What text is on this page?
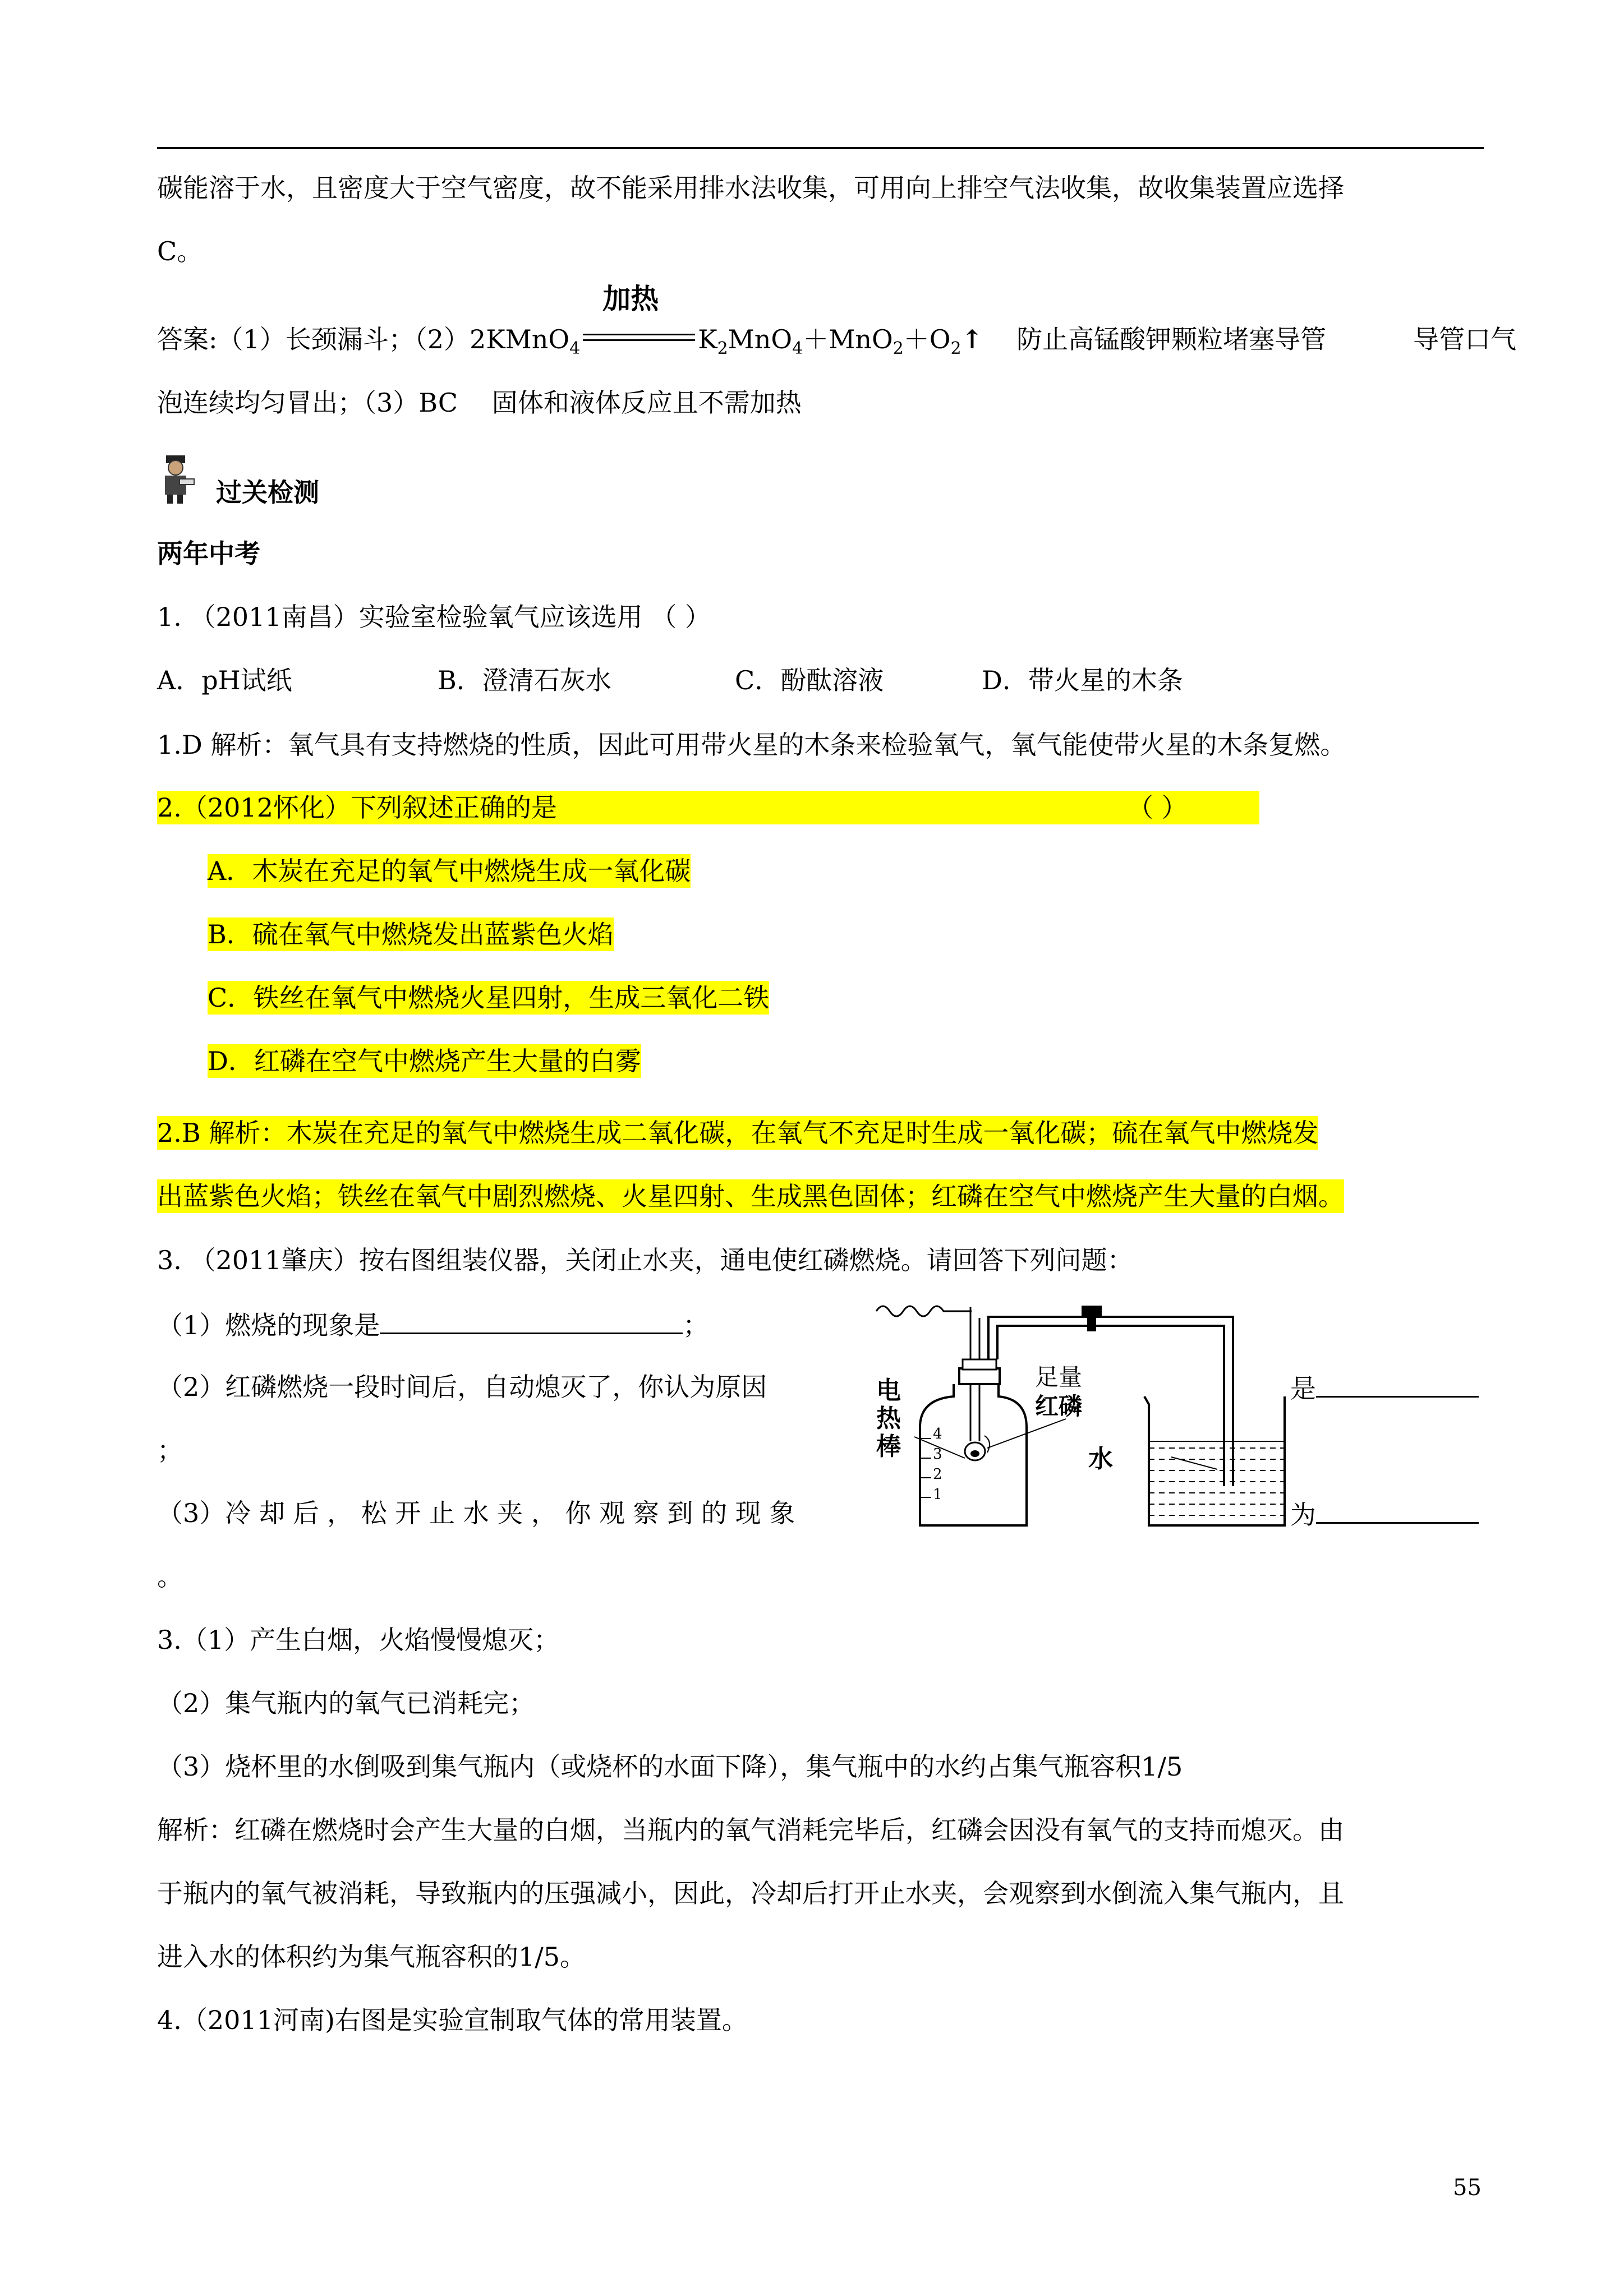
碳能溶于水，且密度大于空气密度，故不能采用排水法收集，可用向上排空气法收集，故收集装置应选择
C。
答案:（1）长颈漏斗；（2）2KMnO$_4$
加热
$K_2MnO_4+MnO_2+O_2↑$ 防止高锰酸钾颗粒堵塞导管	导管口气
泡连续均匀冒出；（3）BC　 固体和液体反应且不需加热
过关检测
两年中考
1. （2011南昌）实验室检验氧气应该选用 （ ）
A．pH试纸	B．澄清石灰水	C．酚酞溶液	D．带火星的木条
1.D 解析：氧气具有支持燃烧的性质，因此可用带火星的木条来检验氧气，氧气能使带火星的木条复燃。
2.（2012怀化）下列叙述正确的是	（ ）
A．木炭在充足的氧气中燃烧生成一氧化碳
B．硫在氧气中燃烧发出蓝紫色火焰
C．铁丝在氧气中燃烧火星四射，生成三氧化二铁
D．红磷在空气中燃烧产生大量的白雾
2.B 解析：木炭在充足的氧气中燃烧生成二氧化碳，在氧气不充足时生成一氧化碳；硫在氧气中燃烧发
出蓝紫色火焰；铁丝在氧气中剧烈燃烧、火星四射、生成黑色固体；红磷在空气中燃烧产生大量的白烟。
3. （2011肇庆）按右图组装仪器，关闭止水夹，通电使红磷燃烧。请回答下列问题：
（1）燃烧的现象是	；
（2）红磷燃烧一段时间后，自动熄灭了，你认为原因	是
；
（3）冷 却 后 ， 松 开 止 水 夹 ， 你 观 察 到 的 现 象	为
。
3.（1）产生白烟，火焰慢慢熄灭；
（2）集气瓶内的氧气已消耗完；
（3）烧杯里的水倒吸到集气瓶内（或烧杯的水面下降），集气瓶中的水约占集气瓶容积1/5
解析：红磷在燃烧时会产生大量的白烟，当瓶内的氧气消耗完毕后，红磷会因没有氧气的支持而熄灭。由
于瓶内的氧气被消耗，导致瓶内的压强减小，因此，冷却后打开止水夹，会观察到水倒流入集气瓶内，且
进入水的体积约为集气瓶容积的1/5。
4.（2011河南)右图是实验宣制取气体的常用装置。
电
热
棒
足量
红磷
水
4
3
2
1
55
